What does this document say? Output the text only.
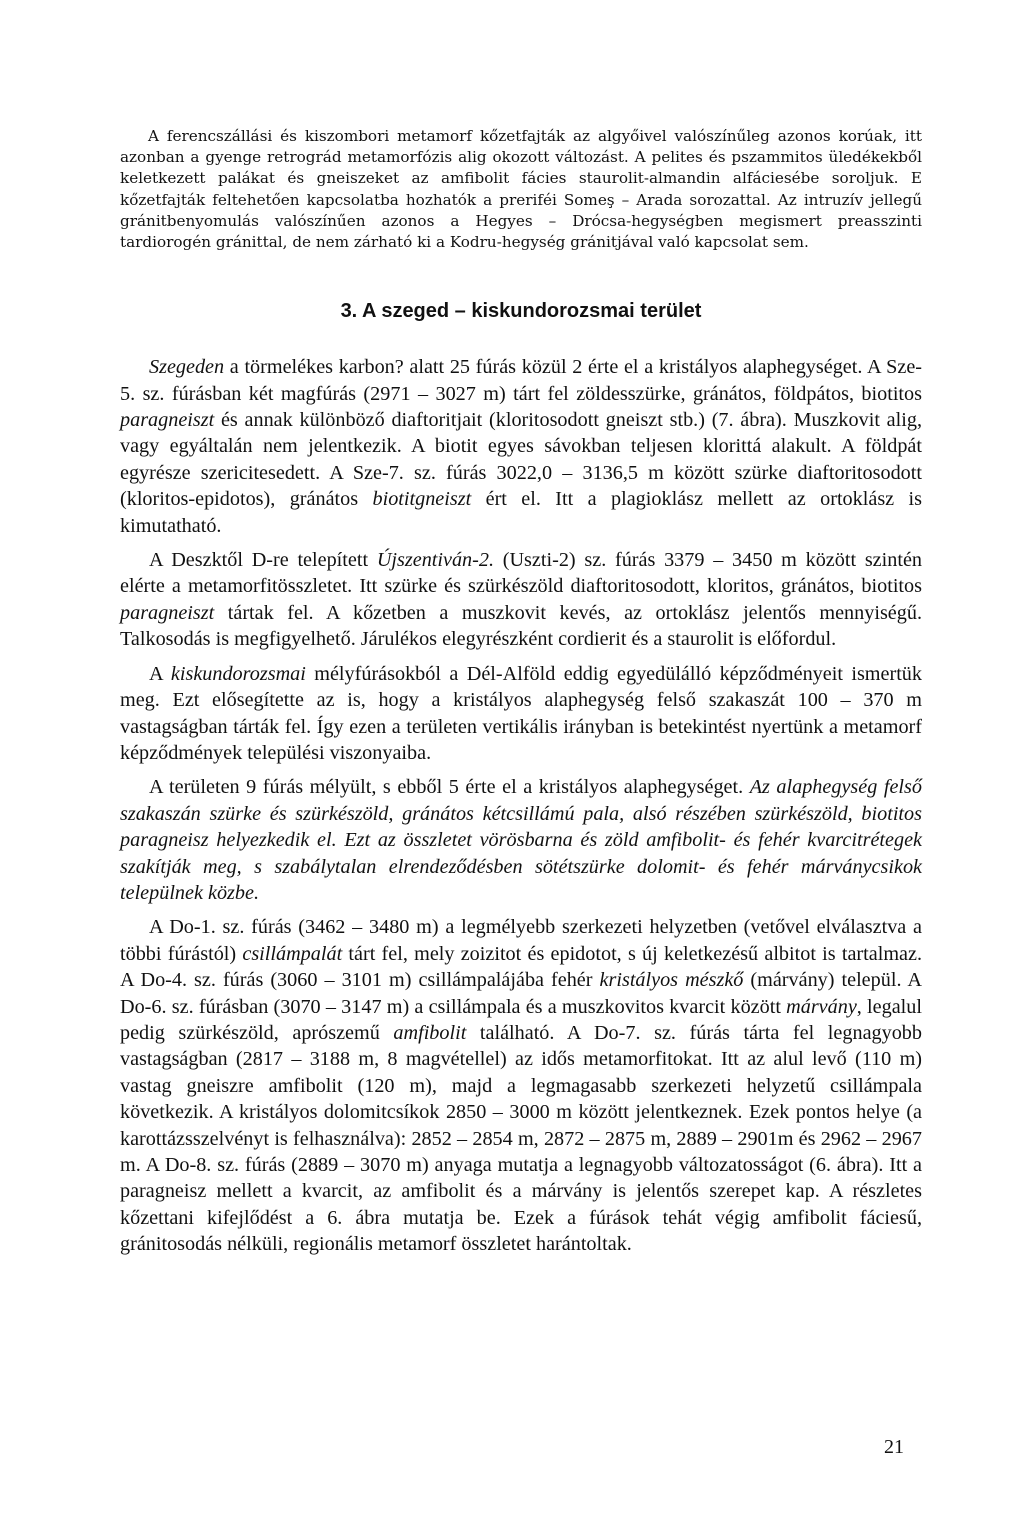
A ferencszállási és kiszombori metamorf kőzetfajták az algyőivel valószínűleg azonos korúak, itt azonban a gyenge retrográd metamorfózis alig okozott változást. A pelites és pszammitos üledékekből keletkezett palákat és gneiszeket az amfibolit fácies staurolit-almandin alfáciesébe soroljuk. E kőzetfajták feltehetően kapcsolatba hozhatók a preriféi Someş – Arada sorozattal. Az intruzív jellegű gránitbenyomulás valószínűen azonos a Hegyes – Drócsa-hegységben megismert preasszinti tardiorogén gránittal, de nem zárható ki a Kodru-hegység gránitjával való kapcsolat sem.
3. A szeged – kiskundorozsmai terület

Szegeden a törmelékes karbon? alatt 25 fúrás közül 2 érte el a kristályos alaphegységet. A Sze-5. sz. fúrásban két magfúrás (2971 – 3027 m) tárt fel zöldesszürke, gránátos, földpátos, biotitos paragneiszt és annak különböző diaftoritjait (kloritosodott gneiszt stb.) (7. ábra). Muszkovit alig, vagy egyáltalán nem jelentkezik. A biotit egyes sávokban teljesen klorittá alakult. A földpát egyrésze szericitesedett. A Sze-7. sz. fúrás 3022,0 – 3136,5 m között szürke diaftoritosodott (kloritos-epidotos), gránátos biotitgneiszt ért el. Itt a plagioklász mellett az ortoklász is kimutatható.

A Deszktől D-re telepített Újszentiván-2. (Uszti-2) sz. fúrás 3379 – 3450 m között szintén elérte a metamorfitösszletet. Itt szürke és szürkészöld diaftoritosodott, kloritos, gránátos, biotitos paragneiszt tártak fel. A kőzetben a muszkovit kevés, az ortoklász jelentős mennyiségű. Talkosodás is megfigyelhető. Járulékos elegyrészként cordierit és a staurolit is előfordul.

A kiskundorozsmai mélyfúrásokból a Dél-Alföld eddig egyedülálló képződményeit ismertük meg. Ezt elősegítette az is, hogy a kristályos alaphegység felső szakaszát 100 – 370 m vastagságban tárták fel. Így ezen a területen vertikális irányban is betekintést nyertünk a metamorf képződmények települési viszonyaiba.

A területen 9 fúrás mélyült, s ebből 5 érte el a kristályos alaphegységet. Az alaphegység felső szakaszán szürke és szürkészöld, gránátos kétcsillámú pala, alsó részében szürkészöld, biotitos paragneisz helyezkedik el. Ezt az összletet vörösbarna és zöld amfibolit- és fehér kvarcitrétegek szakítják meg, s szabálytalan elrendeződésben sötétszürke dolomit- és fehér márványcsikok települnek közbe.

A Do-1. sz. fúrás (3462 – 3480 m) a legmélyebb szerkezeti helyzetben (vetővel elválasztva a többi fúrástól) csillámpalát tárt fel, mely zoizitot és epidotot, s új keletkezésű albitot is tartalmaz. A Do-4. sz. fúrás (3060 – 3101 m) csillámpalájába fehér kristályos mészkő (márvány) települ. A Do-6. sz. fúrásban (3070 – 3147 m) a csillámpala és a muszkovitos kvarcit között márvány, legalul pedig szürkészöld, aprószemű amfibolit található. A Do-7. sz. fúrás tárta fel legnagyobb vastagságban (2817 – 3188 m, 8 magvétellel) az idős metamorfitokat. Itt az alul levő (110 m) vastag gneiszre amfibolit (120 m), majd a legmagasabb szerkezeti helyzetű csillámpala következik. A kristályos dolomitcsíkok 2850 – 3000 m között jelentkeznek. Ezek pontos helye (a karottázsszelvényt is felhasználva): 2852 – 2854 m, 2872 – 2875 m, 2889 – 2901m és 2962 – 2967 m. A Do-8. sz. fúrás (2889 – 3070 m) anyaga mutatja a legnagyobb változatosságot (6. ábra). Itt a paragneisz mellett a kvarcit, az amfibolit és a márvány is jelentős szerepet kap. A részletes kőzettani kifejlődést a 6. ábra mutatja be. Ezek a fúrások tehát végig amfibolit fáciesű, gránitosodás nélküli, regionális metamorf összletet harántoltak.

21
